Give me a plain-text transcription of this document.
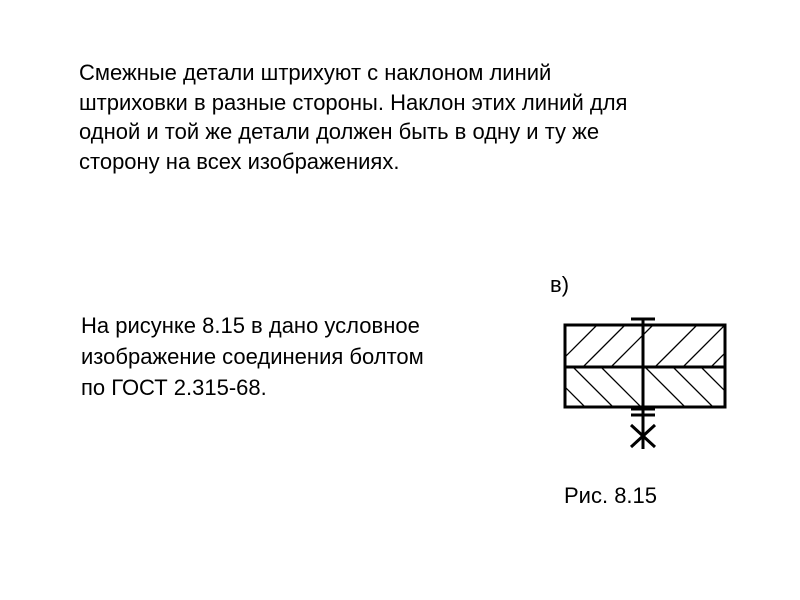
Смежные детали штрихуют с наклоном линий
штриховки в разные стороны. Наклон этих линий для
одной и той же детали должен быть в одну и ту же
сторону на всех изображениях.
На рисунке 8.15 в дано условное
изображение соединения болтом
по ГОСТ 2.315-68.
в)
Рис. 8.15
